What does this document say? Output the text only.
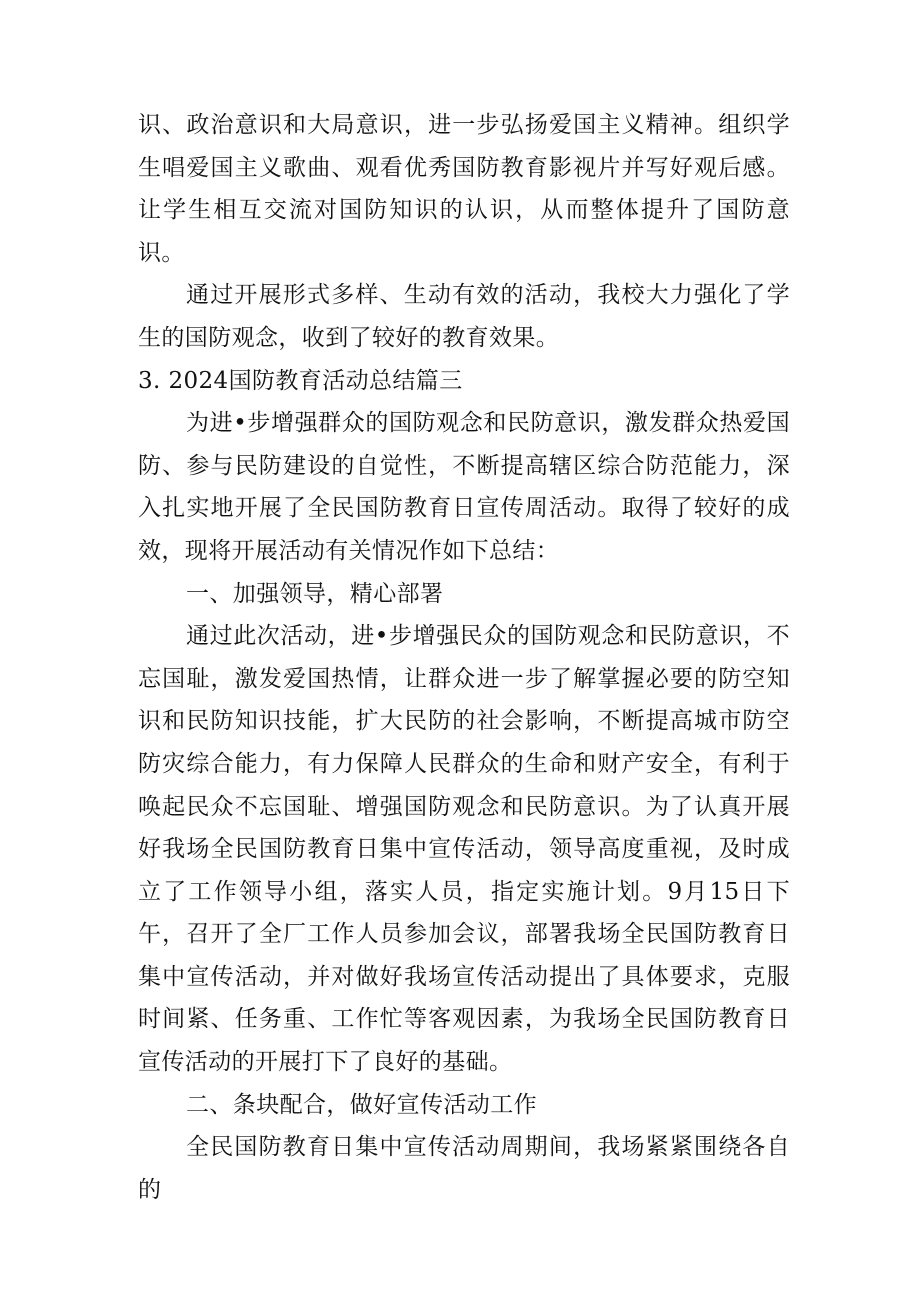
识、政治意识和大局意识，进一步弘扬爱国主义精神。组织学生唱爱国主义歌曲、观看优秀国防教育影视片并写好观后感。让学生相互交流对国防知识的认识，从而整体提升了国防意识。

通过开展形式多样、生动有效的活动，我校大力强化了学生的国防观念，收到了较好的教育效果。

3. 2024国防教育活动总结篇三

为进•步增强群众的国防观念和民防意识，激发群众热爱国防、参与民防建设的自觉性，不断提高辖区综合防范能力，深入扎实地开展了全民国防教育日宣传周活动。取得了较好的成效，现将开展活动有关情况作如下总结：

一、加强领导，精心部署

通过此次活动，进•步增强民众的国防观念和民防意识，不忘国耻，激发爱国热情，让群众进一步了解掌握必要的防空知识和民防知识技能，扩大民防的社会影响，不断提高城市防空防灾综合能力，有力保障人民群众的生命和财产安全，有利于唤起民众不忘国耻、增强国防观念和民防意识。为了认真开展好我场全民国防教育日集中宣传活动，领导高度重视，及时成立了工作领导小组，落实人员，指定实施计划。9月15日下午，召开了全厂工作人员参加会议，部署我场全民国防教育日集中宣传活动，并对做好我场宣传活动提出了具体要求，克服时间紧、任务重、工作忙等客观因素，为我场全民国防教育日宣传活动的开展打下了良好的基础。

二、条块配合，做好宣传活动工作

全民国防教育日集中宣传活动周期间，我场紧紧围绕各自的
